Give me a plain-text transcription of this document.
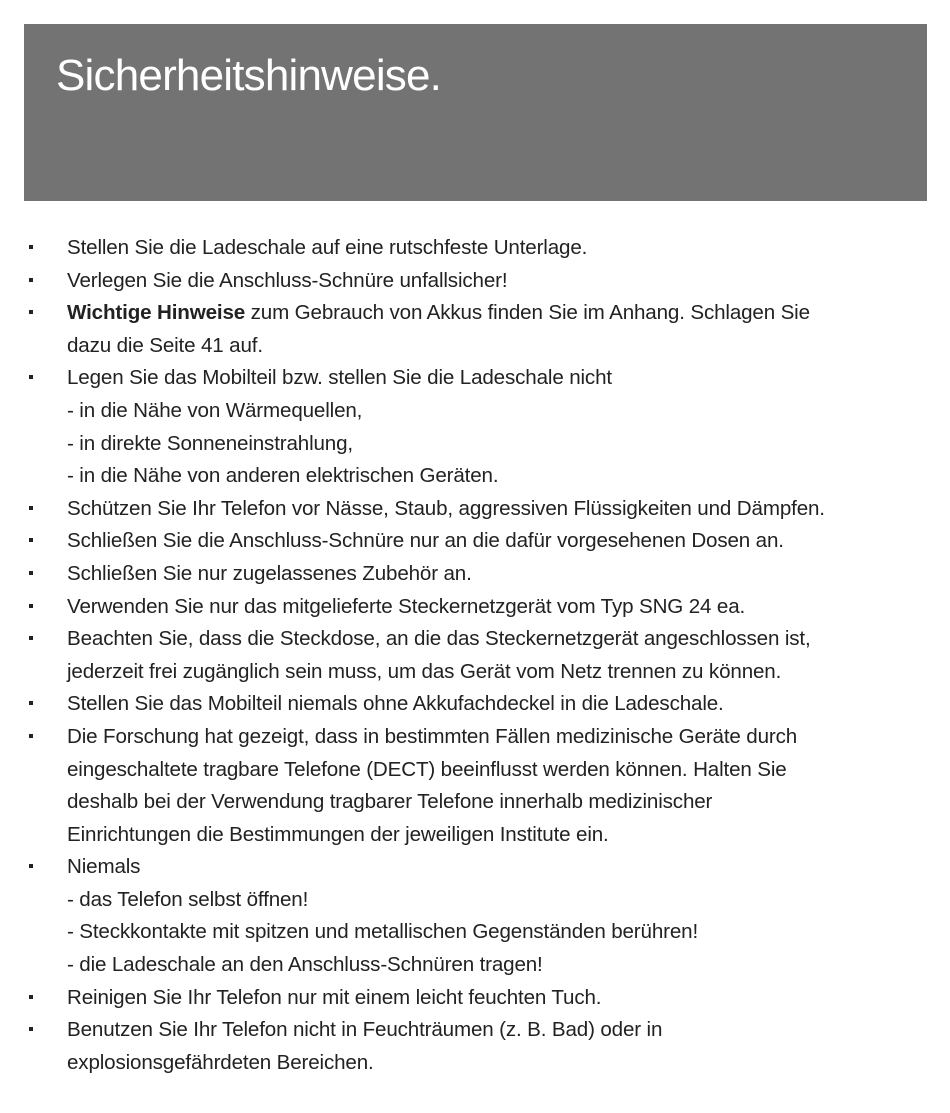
Sicherheitshinweise.
Stellen Sie die Ladeschale auf eine rutschfeste Unterlage.
Verlegen Sie die Anschluss-Schnüre unfallsicher!
Wichtige Hinweise zum Gebrauch von Akkus finden Sie im Anhang. Schlagen Sie
dazu die Seite 41 auf.
Legen Sie das Mobilteil bzw. stellen Sie die Ladeschale nicht
- in die Nähe von Wärmequellen,
- in direkte Sonneneinstrahlung,
- in die Nähe von anderen elektrischen Geräten.
Schützen Sie Ihr Telefon vor Nässe, Staub, aggressiven Flüssigkeiten und Dämpfen.
Schließen Sie die Anschluss-Schnüre nur an die dafür vorgesehenen Dosen an.
Schließen Sie nur zugelassenes Zubehör an.
Verwenden Sie nur das mitgelieferte Steckernetzgerät vom Typ SNG 24 ea.
Beachten Sie, dass die Steckdose, an die das Steckernetzgerät angeschlossen ist,
jederzeit frei zugänglich sein muss, um das Gerät vom Netz trennen zu können.
Stellen Sie das Mobilteil niemals ohne Akkufachdeckel in die Ladeschale.
Die Forschung hat gezeigt, dass in bestimmten Fällen medizinische Geräte durch
eingeschaltete tragbare Telefone (DECT) beeinflusst werden können. Halten Sie
deshalb bei der Verwendung tragbarer Telefone innerhalb medizinischer
Einrichtungen die Bestimmungen der jeweiligen Institute ein.
Niemals
- das Telefon selbst öffnen!
- Steckkontakte mit spitzen und metallischen Gegenständen berühren!
- die Ladeschale an den Anschluss-Schnüren tragen!
Reinigen Sie Ihr Telefon nur mit einem leicht feuchten Tuch.
Benutzen Sie Ihr Telefon nicht in Feuchträumen (z. B. Bad) oder in
explosionsgefährdeten Bereichen.
